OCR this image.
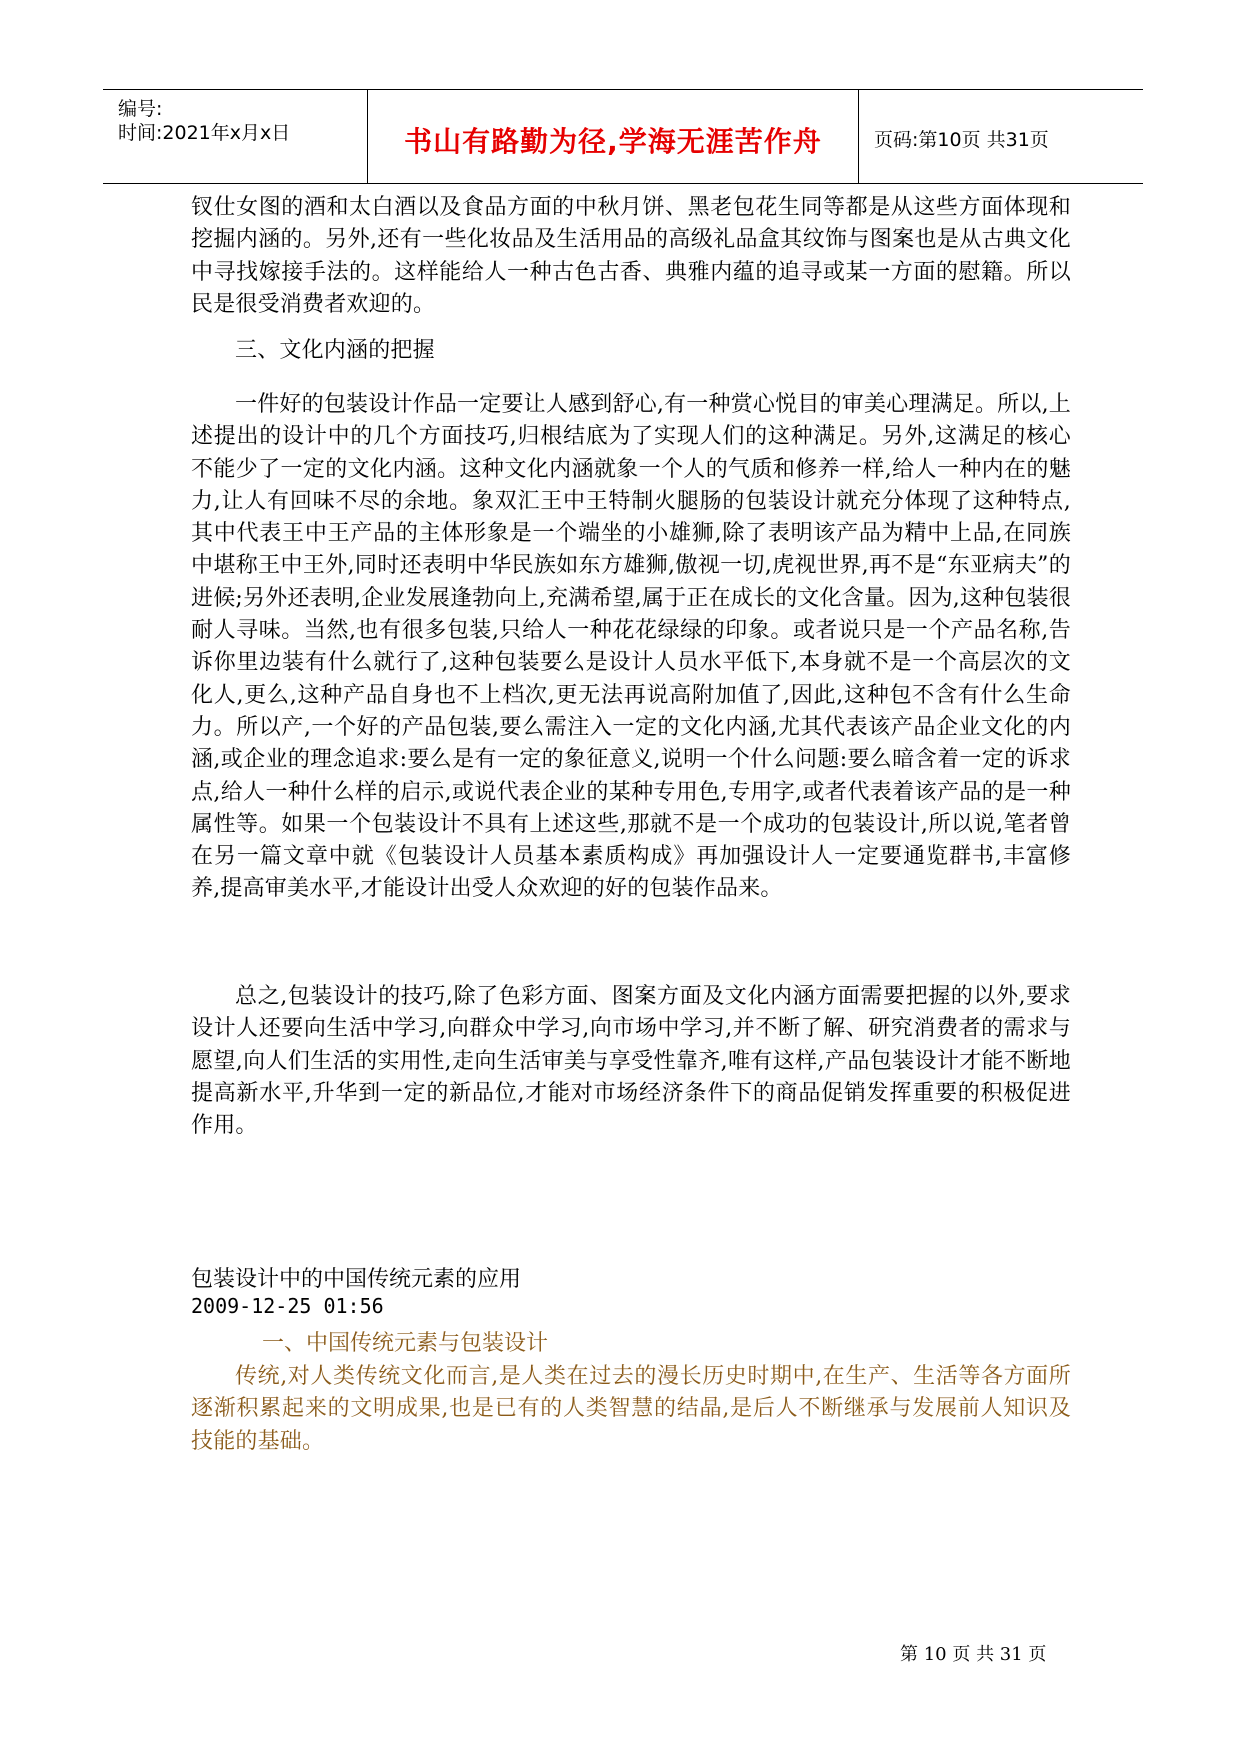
编号:
时间:2021年x月x日	书山有路勤为径,学海无涯苦作舟	页码:第10页 共31页

钗仕女图的酒和太白酒以及食品方面的中秋月饼、黑老包花生同等都是从这些方面体现和挖掘内涵的。另外,还有一些化妆品及生活用品的高级礼品盒其纹饰与图案也是从古典文化中寻找嫁接手法的。这样能给人一种古色古香、典雅内蕴的追寻或某一方面的慰籍。所以民是很受消费者欢迎的。

三、文化内涵的把握

一件好的包装设计作品一定要让人感到舒心,有一种赏心悦目的审美心理满足。所以,上述提出的设计中的几个方面技巧,归根结底为了实现人们的这种满足。另外,这满足的核心不能少了一定的文化内涵。这种文化内涵就象一个人的气质和修养一样,给人一种内在的魅力,让人有回味不尽的余地。象双汇王中王特制火腿肠的包装设计就充分体现了这种特点,其中代表王中王产品的主体形象是一个端坐的小雄狮,除了表明该产品为精中上品,在同族中堪称王中王外,同时还表明中华民族如东方雄狮,傲视一切,虎视世界,再不是“东亚病夫”的进候;另外还表明,企业发展逢勃向上,充满希望,属于正在成长的文化含量。因为,这种包装很耐人寻味。当然,也有很多包装,只给人一种花花绿绿的印象。或者说只是一个产品名称,告诉你里边装有什么就行了,这种包装要么是设计人员水平低下,本身就不是一个高层次的文化人,更么,这种产品自身也不上档次,更无法再说高附加值了,因此,这种包不含有什么生命力。所以产,一个好的产品包装,要么需注入一定的文化内涵,尤其代表该产品企业文化的内涵,或企业的理念追求:要么是有一定的象征意义,说明一个什么问题:要么暗含着一定的诉求点,给人一种什么样的启示,或说代表企业的某种专用色,专用字,或者代表着该产品的是一种属性等。如果一个包装设计不具有上述这些,那就不是一个成功的包装设计,所以说,笔者曾在另一篇文章中就《包装设计人员基本素质构成》再加强设计人一定要通览群书,丰富修养,提高审美水平,才能设计出受人众欢迎的好的包装作品来。

总之,包装设计的技巧,除了色彩方面、图案方面及文化内涵方面需要把握的以外,要求设计人还要向生活中学习,向群众中学习,向市场中学习,并不断了解、研究消费者的需求与愿望,向人们生活的实用性,走向生活审美与享受性靠齐,唯有这样,产品包装设计才能不断地提高新水平,升华到一定的新品位,才能对市场经济条件下的商品促销发挥重要的积极促进作用。

包装设计中的中国传统元素的应用
2009-12-25 01:56
一、中国传统元素与包装设计

传统,对人类传统文化而言,是人类在过去的漫长历史时期中,在生产、生活等各方面所逐渐积累起来的文明成果,也是已有的人类智慧的结晶,是后人不断继承与发展前人知识及技能的基础。

第 10 页 共 31 页
